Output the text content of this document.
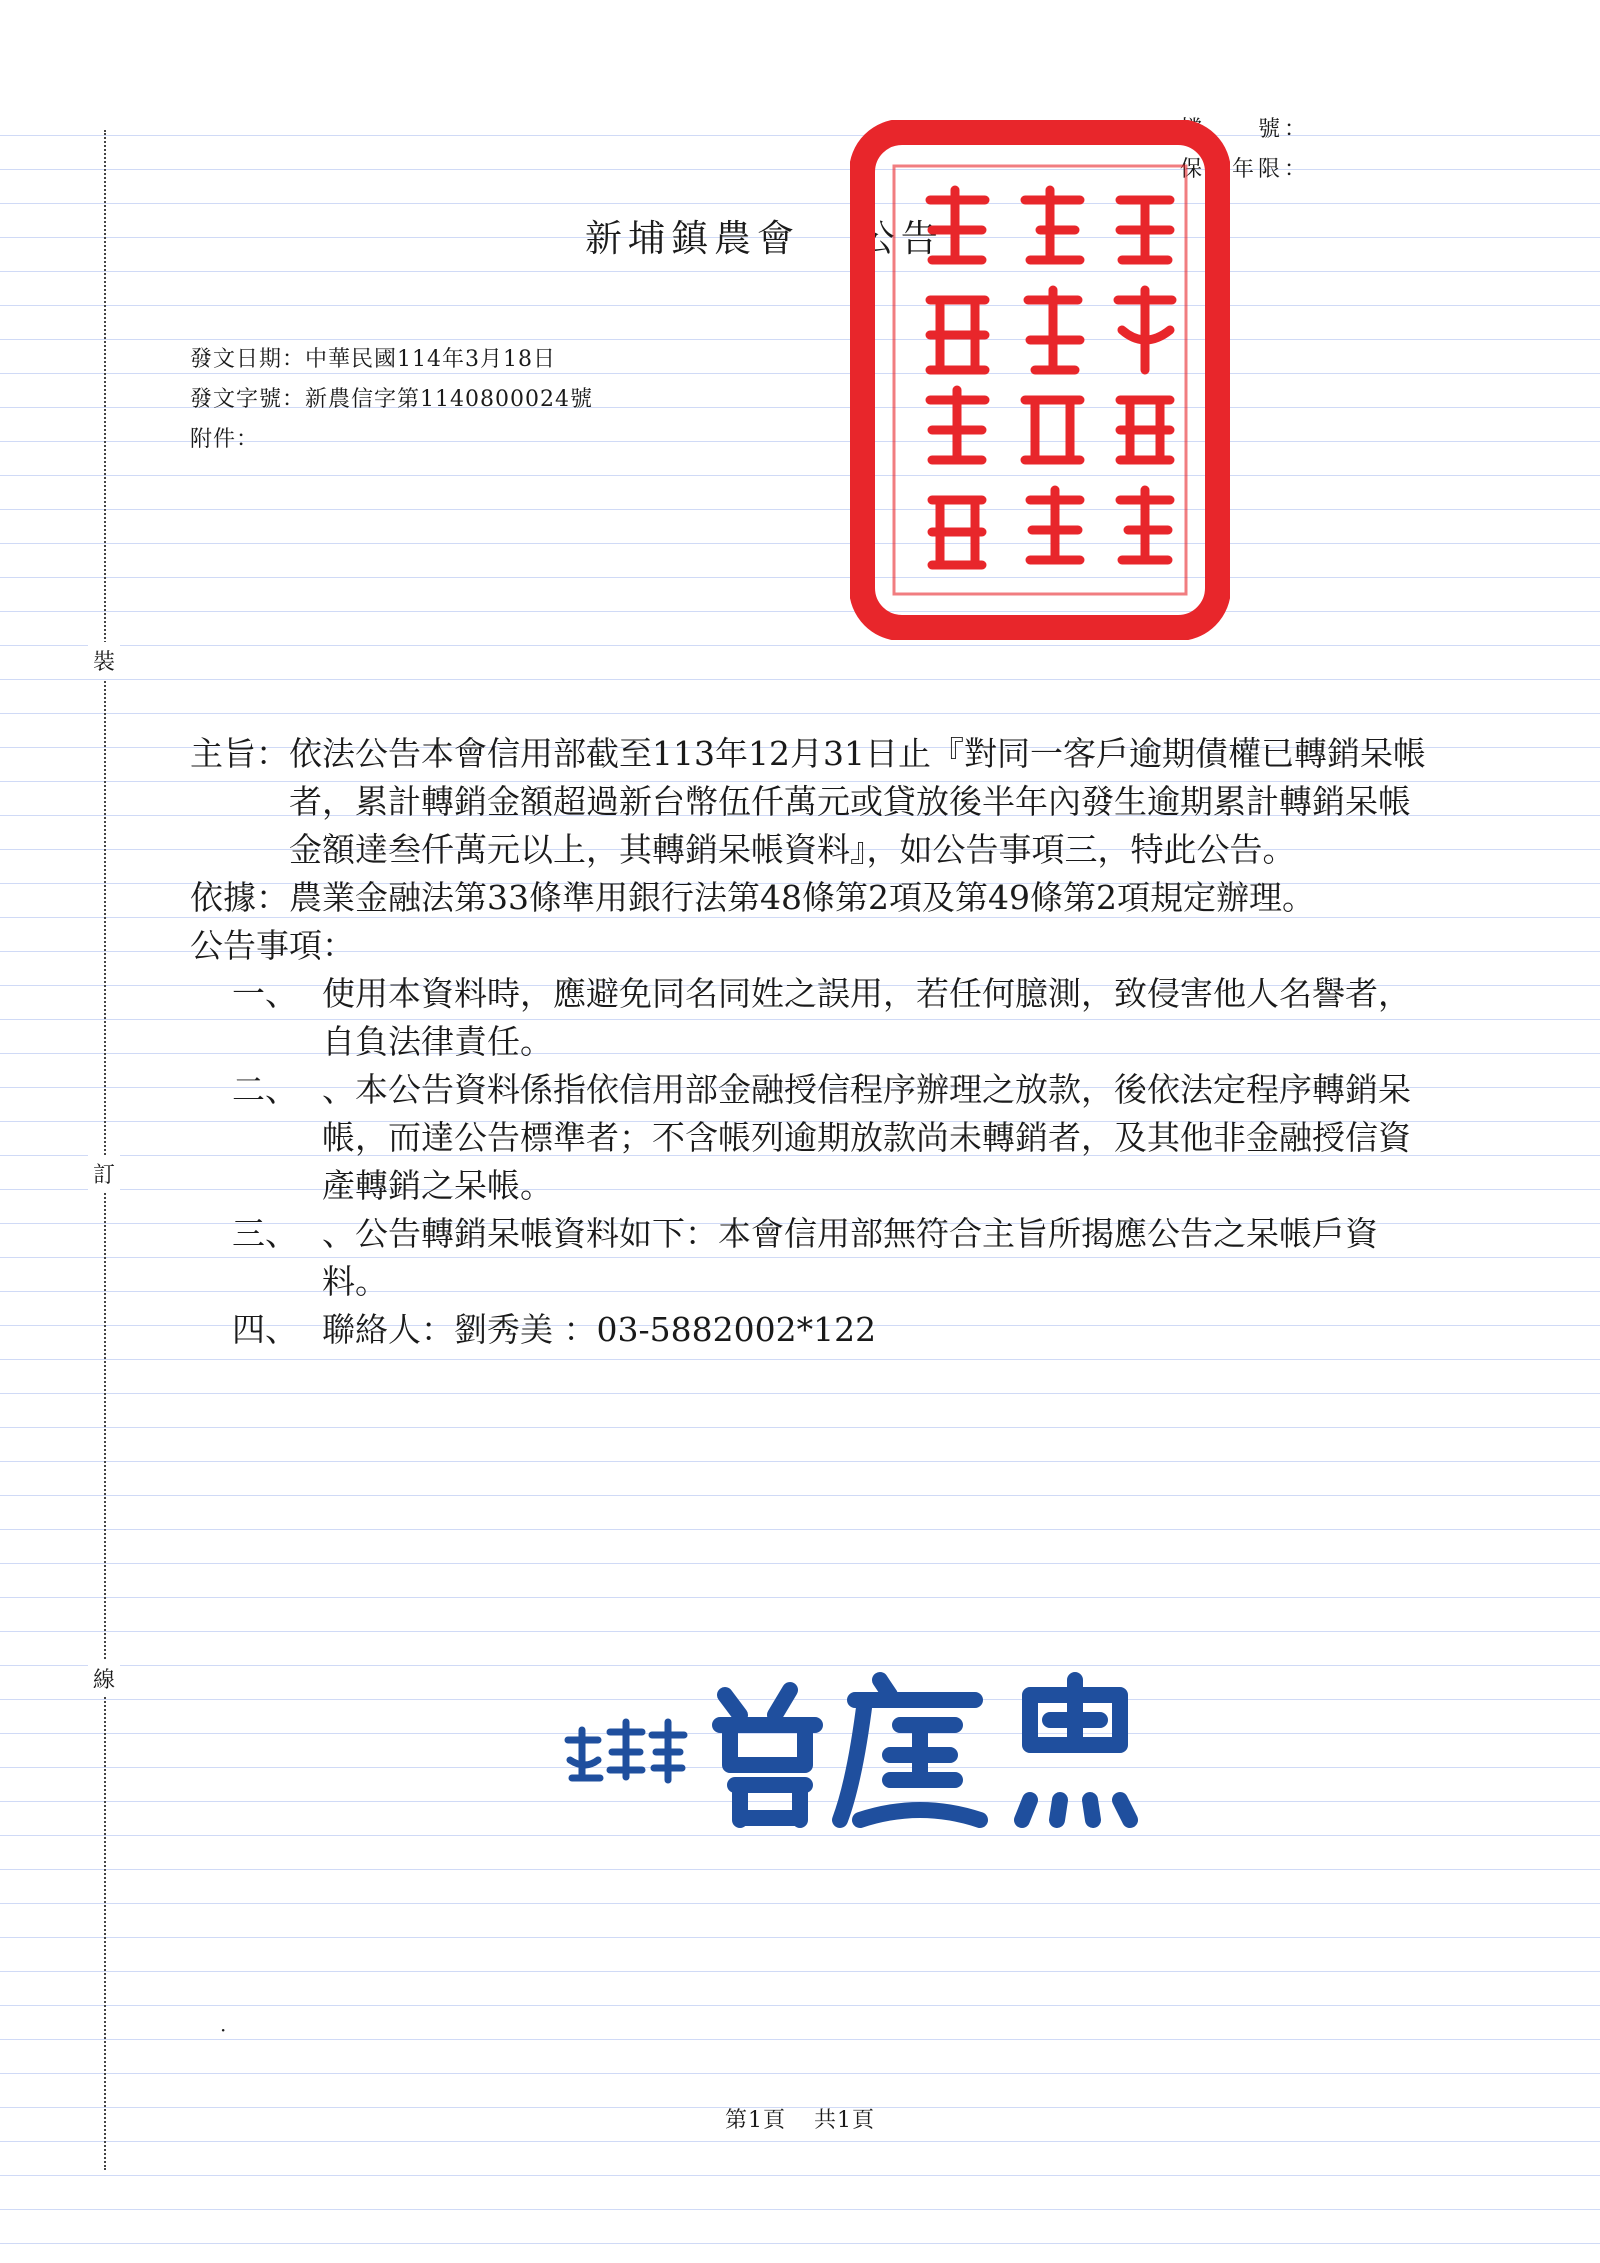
裝
訂
線
檔　　號：
保存年限：
新埔鎮農會 公告
發文日期：中華民國114年3月18日
發文字號：新農信字第1140800024號
附件：
主旨： 依法公告本會信用部截至113年12月31日止『對同一客戶逾期債權已轉銷呆帳者，累計轉銷金額超過新台幣伍仟萬元或貸放後半年內發生逾期累計轉銷呆帳金額達叁仟萬元以上，其轉銷呆帳資料』，如公告事項三，特此公告。
依據： 農業金融法第33條準用銀行法第48條第2項及第49條第2項規定辦理。
公告事項：
一、 使用本資料時，應避免同名同姓之誤用，若任何臆測，致侵害他人名譽者，自負法律責任。
二、 、本公告資料係指依信用部金融授信程序辦理之放款，後依法定程序轉銷呆帳，而達公告標準者；不含帳列逾期放款尚未轉銷者，及其他非金融授信資產轉銷之呆帳。
三、 、公告轉銷呆帳資料如下：本會信用部無符合主旨所揭應公告之呆帳戶資料。
四、 聯絡人：劉秀美 ：03-5882002*122
·
第1頁 共1頁
